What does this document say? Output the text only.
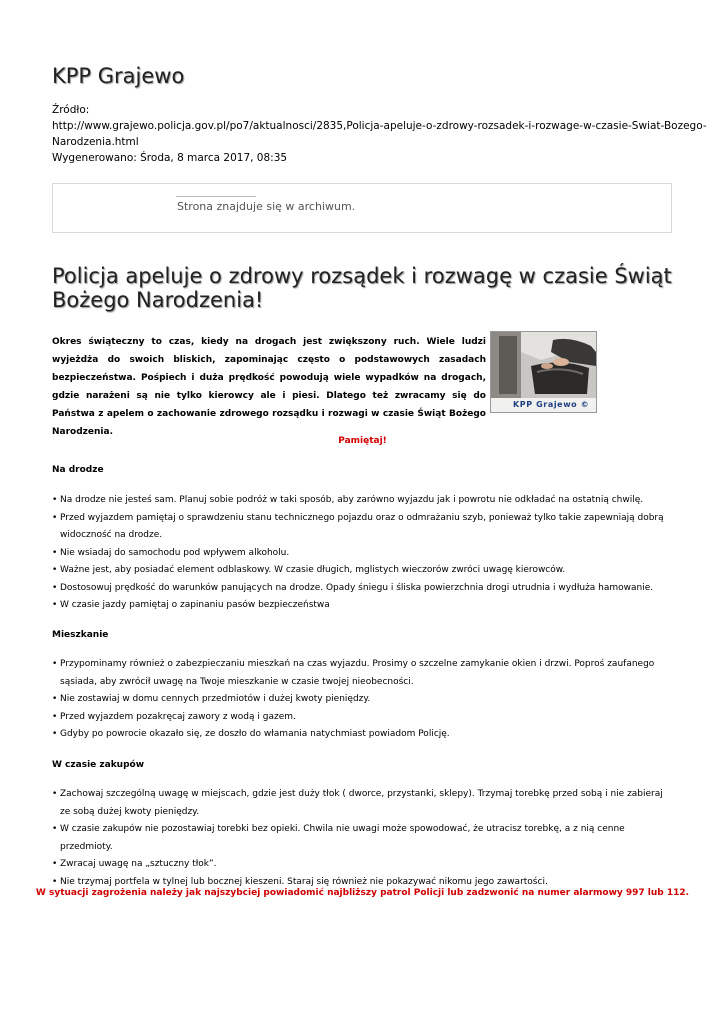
KPP Grajewo
Źródło:
http://www.grajewo.policja.gov.pl/po7/aktualnosci/2835,Policja-apeluje-o-zdrowy-rozsadek-i-rozwage-w-czasie-Swiat-Bozego-
Narodzenia.html
Wygenerowano: Środa, 8 marca 2017, 08:35
Strona znajduje się w archiwum.
Policja apeluje o zdrowy rozsądek i rozwagę w czasie Świąt Bożego Narodzenia!
Okres świąteczny to czas, kiedy na drogach jest zwiększony ruch. Wiele ludzi wyjeżdża do swoich bliskich, zapominając często o podstawowych zasadach bezpieczeństwa. Pośpiech i duża prędkość powodują wiele wypadków na drogach, gdzie narażeni są nie tylko kierowcy ale i piesi. Dlatego też zwracamy się do Państwa z apelem o zachowanie zdrowego rozsądku i rozwagi w czasie Świąt Bożego Narodzenia.
KPP Grajewo ©
Pamiętaj!
Na drodze
• Na drodze nie jesteś sam. Planuj sobie podróż w taki sposób, aby zarówno wyjazdu jak i powrotu nie odkładać na ostatnią chwilę.
• Przed wyjazdem pamiętaj o sprawdzeniu stanu technicznego pojazdu oraz o odmrażaniu szyb, ponieważ tylko takie zapewniają dobrą widoczność na drodze.
• Nie wsiadaj do samochodu pod wpływem alkoholu.
• Ważne jest, aby posiadać element odblaskowy. W czasie długich, mglistych wieczorów zwróci uwagę kierowców.
• Dostosowuj prędkość do warunków panujących na drodze. Opady śniegu i śliska powierzchnia drogi utrudnia i wydłuża hamowanie.
• W czasie jazdy pamiętaj o zapinaniu pasów bezpieczeństwa
Mieszkanie
• Przypominamy również o zabezpieczaniu mieszkań na czas wyjazdu. Prosimy o szczelne zamykanie okien i drzwi. Poproś zaufanego sąsiada, aby zwrócił uwagę na Twoje mieszkanie w czasie twojej nieobecności.
• Nie zostawiaj w domu cennych przedmiotów i dużej kwoty pieniędzy.
• Przed wyjazdem pozakręcaj zawory z wodą i gazem.
• Gdyby po powrocie okazało się, ze doszło do włamania natychmiast powiadom Policję.
W czasie zakupów
• Zachowaj szczególną uwagę w miejscach, gdzie jest duży tłok ( dworce, przystanki, sklepy). Trzymaj torebkę przed sobą i nie zabieraj ze sobą dużej kwoty pieniędzy.
• W czasie zakupów nie pozostawiaj torebki bez opieki. Chwila nie uwagi może spowodować, że utracisz torebkę, a z nią cenne przedmioty.
• Zwracaj uwagę na „sztuczny tłok”.
• Nie trzymaj portfela w tylnej lub bocznej kieszeni. Staraj się również nie pokazywać nikomu jego zawartości.
W sytuacji zagrożenia należy jak najszybciej powiadomić najbliższy patrol Policji lub zadzwonić na numer alarmowy 997 lub 112.
